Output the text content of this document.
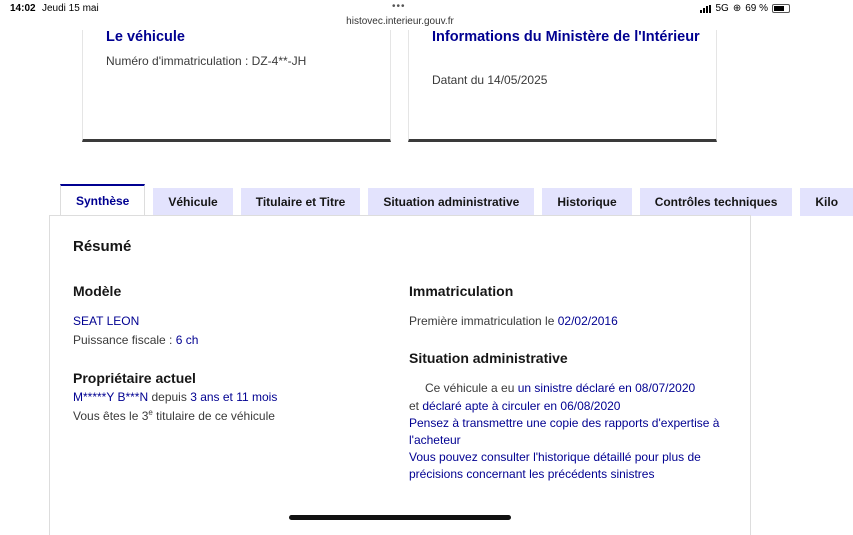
14:02 Jeudi 15 mai	•••
histovec.interieur.gouv.fr
5G ⊕ 69 %
Le véhicule
Numéro d'immatriculation : DZ-4**-JH
Informations du Ministère de l'Intérieur
Datant du 14/05/2025
Synthèse	Véhicule	Titulaire et Titre	Situation administrative	Historique	Contrôles techniques	Kilo
Résumé
Modèle
SEAT LEON
Puissance fiscale : 6 ch
Propriétaire actuel
M*****Y B***N depuis 3 ans et 11 mois
Vous êtes le 3e titulaire de ce véhicule
Immatriculation
Première immatriculation le 02/02/2016
Situation administrative
Ce véhicule a eu un sinistre déclaré en 08/07/2020
et déclaré apte à circuler en 06/08/2020
Pensez à transmettre une copie des rapports d'expertise à
l'acheteur
Vous pouvez consulter l'historique détaillé pour plus de
précisions concernant les précédents sinistres
